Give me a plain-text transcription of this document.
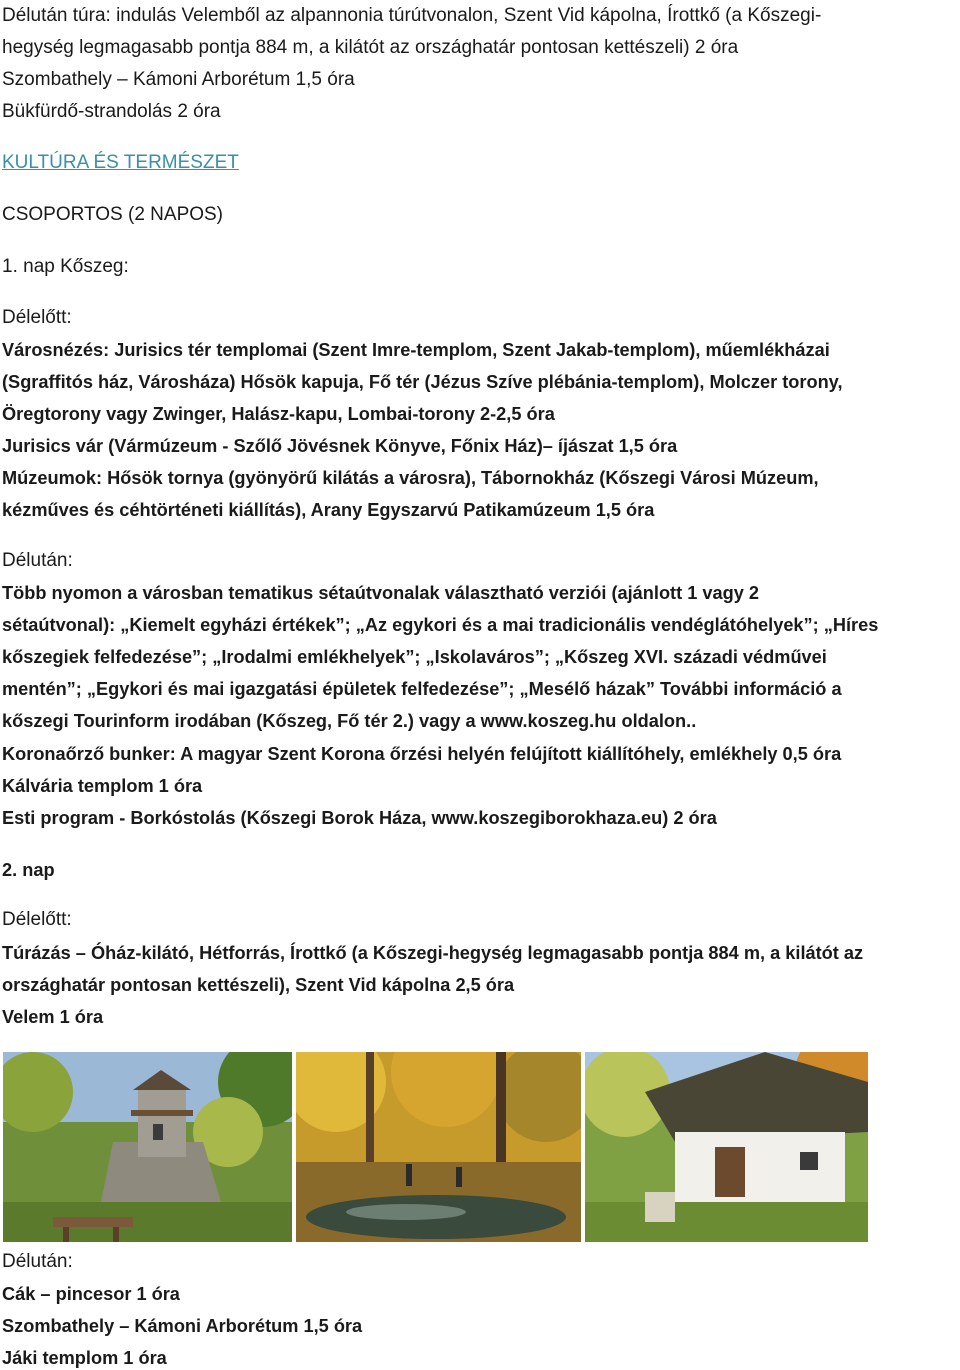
Délután túra: indulás Velemből az alpannonia túrútvonalon, Szent Vid kápolna, Írottkő (a Kőszegi-

hegység legmagasabb pontja 884 m, a kilátót az országhatár pontosan kettészeli) 2 óra

Szombathely – Kámoni Arborétum 1,5 óra

Bükfürdő-strandolás 2 óra

KULTÚRA ÉS TERMÉSZET

CSOPORTOS (2 NAPOS)

1. nap Kőszeg:

Délelőtt:

Városnézés: Jurisics tér templomai (Szent Imre-templom, Szent Jakab-templom), műemlékházai

(Sgraffitós ház, Városháza) Hősök kapuja, Fő tér (Jézus Szíve plébánia-templom), Molczer torony,

Öregtorony vagy Zwinger, Halász-kapu, Lombai-torony 2-2,5 óra

Jurisics vár (Vármúzeum - Szőlő Jövésnek Könyve, Főnix Ház)– íjászat 1,5 óra

Múzeumok: Hősök tornya (gyönyörű kilátás a városra), Tábornokház (Kőszegi Városi Múzeum,

kézműves és céhtörténeti kiállítás), Arany Egyszarvú Patikamúzeum 1,5 óra

Délután:

Több nyomon a városban tematikus sétaútvonalak választható verziói (ajánlott 1 vagy 2

sétaútvonal): „Kiemelt egyházi értékek”; „Az egykori és a mai tradicionális vendéglátóhelyek”; „Híres

kőszegiek felfedezése”; „Irodalmi emlékhelyek”; „Iskolaváros”; „Kőszeg XVI. századi védművei

mentén”; „Egykori és mai igazgatási épületek felfedezése”; „Mesélő házak” További információ a

kőszegi Tourinform irodában (Kőszeg, Fő tér 2.) vagy a www.koszeg.hu oldalon..

Koronaőrző bunker: A magyar Szent Korona őrzési helyén felújított kiállítóhely, emlékhely 0,5 óra

Kálvária templom 1 óra

Esti program - Borkóstolás (Kőszegi Borok Háza, www.koszegiborokhaza.eu) 2 óra

2. nap

Délelőtt:

Túrázás – Óház-kilátó, Hétforrás, Írottkő (a Kőszegi-hegység legmagasabb pontja 884 m, a kilátót az

országhatár pontosan kettészeli), Szent Vid kápolna 2,5 óra

Velem 1 óra

Délután:

Cák – pincesor 1 óra

Szombathely – Kámoni Arborétum 1,5 óra

Jáki templom 1 óra
